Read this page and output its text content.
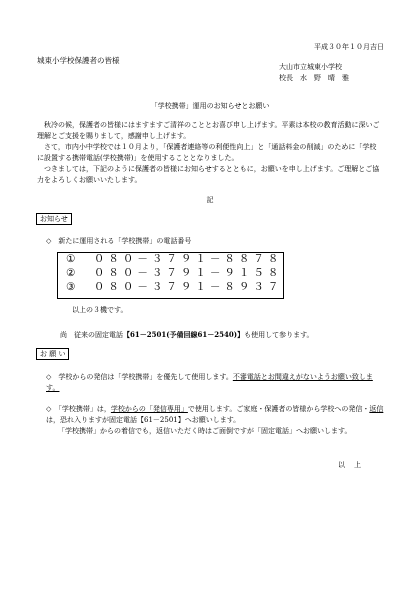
平成３０年１０月吉日
城東小学校保護者の皆様
大山市立城東小学校
校長　水　野　晴　雅
「学校携帯」運用のお知らせとお願い

秋冷の候，保護者の皆様にはますますご清祥のこととお喜び申し上げます。平素は本校の教育活動に深いご理解とご支援を賜りまして，感謝申し上げます。

さて，市内小中学校では１０月より，「保護者連絡等の利便性向上」と「通話料金の削減」のために「学校に設置する携帯電話(学校携帯)」を使用することとなりました。

つきましては，下記のように保護者の皆様にお知らせするとともに，お願いを申し上げます。ご理解とご協力をよろしくお願いいたします。

記
お知らせ
◇　新たに運用される「学校携帯」の電話番号
①　０８０－３７９１－８８７８
②　０８０－３７９１－９１５８
③　０８０－３７９１－８９３７
以上の３機です。
尚　従来の固定電話【61－2501(予備回線61－2540)】も使用して参ります。
お 願 い
◇　学校からの発信は「学校携帯」を優先して使用します。不審電話とお間違えがないようお願い致します。
◇　「学校携帯」は，学校からの「発信専用」で使用します。ご家庭・保護者の皆様から学校への発信・返信は，恐れ入りますが固定電話【61－2501】へお願いします。
「学校携帯」からの着信でも，返信いただく時はご面倒ですが「固定電話」へお願いします。
以上
